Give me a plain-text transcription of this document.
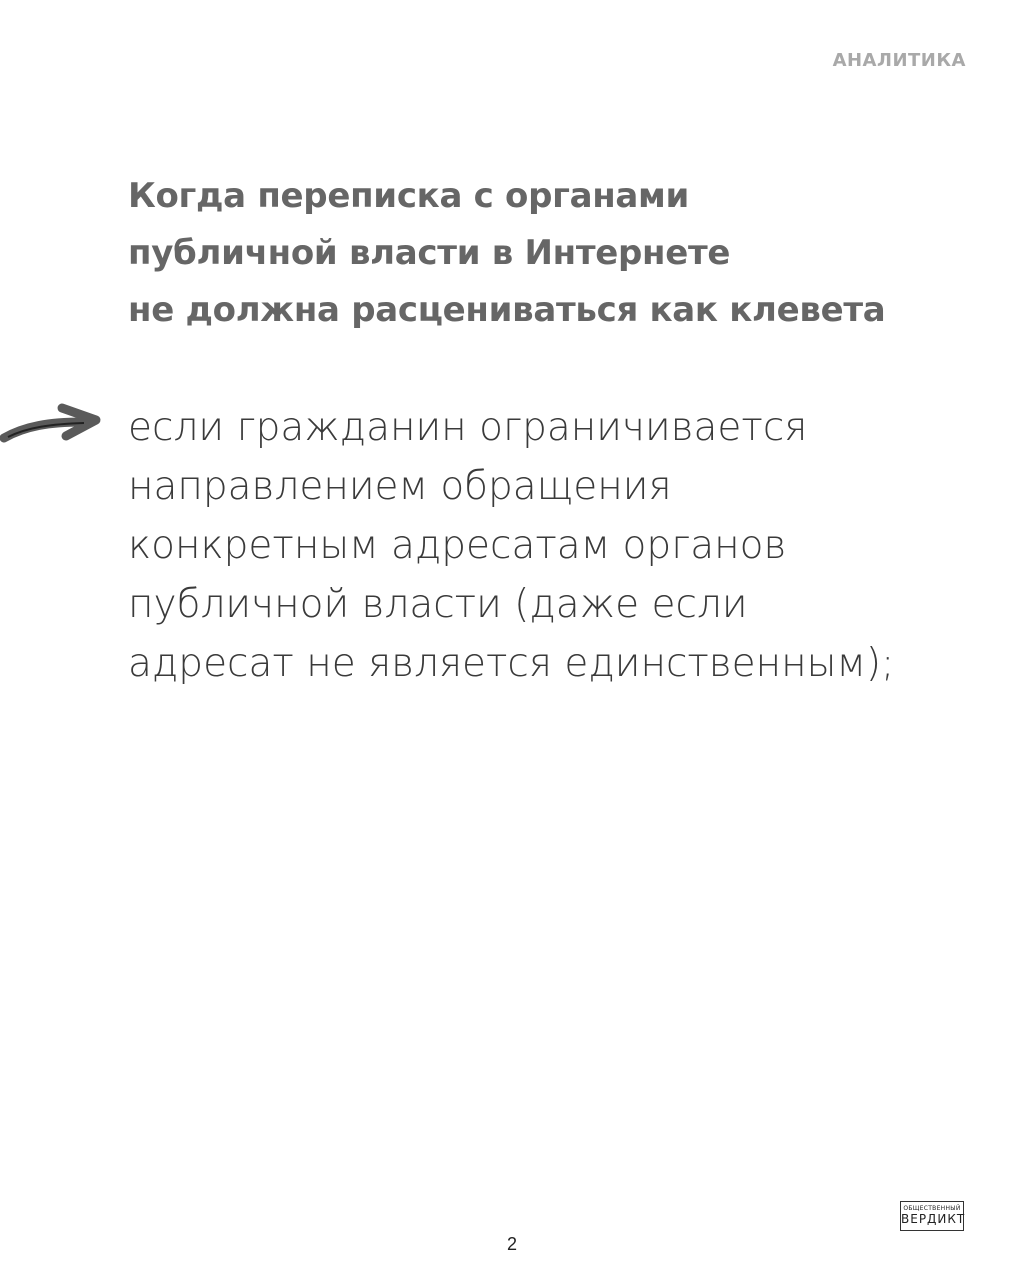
АНАЛИТИКА
Когда переписка с органами
публичной власти в Интернете
не должна расцениваться как клевета
если гражданин ограничивается
направлением обращения
конкретным адресатам органов
публичной власти (даже если
адресат не является единственным);
ОБЩЕСТВЕННЫЙ
ВЕРДИКТ
2
